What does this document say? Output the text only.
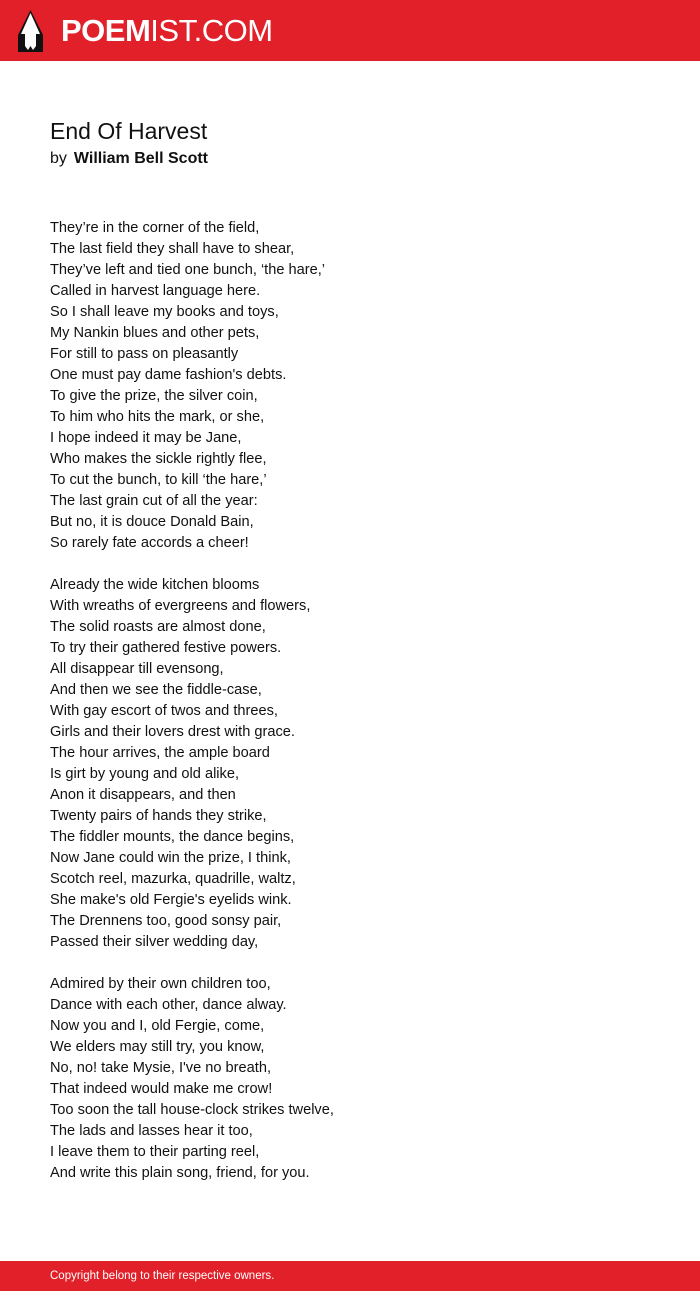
POEMIST.COM
End Of Harvest
by William Bell Scott
They’re in the corner of the field,
The last field they shall have to shear,
They’ve left and tied one bunch, ‘the hare,’
Called in harvest language here.
So I shall leave my books and toys,
My Nankin blues and other pets,
For still to pass on pleasantly
One must pay dame fashion's debts.
To give the prize, the silver coin,
To him who hits the mark, or she,
I hope indeed it may be Jane,
Who makes the sickle rightly flee,
To cut the bunch, to kill ‘the hare,’
The last grain cut of all the year:
But no, it is douce Donald Bain,
So rarely fate accords a cheer!
Already the wide kitchen blooms
With wreaths of evergreens and flowers,
The solid roasts are almost done,
To try their gathered festive powers.
All disappear till evensong,
And then we see the fiddle-case,
With gay escort of twos and threes,
Girls and their lovers drest with grace.
The hour arrives, the ample board
Is girt by young and old alike,
Anon it disappears, and then
Twenty pairs of hands they strike,
The fiddler mounts, the dance begins,
Now Jane could win the prize, I think,
Scotch reel, mazurka, quadrille, waltz,
She make's old Fergie's eyelids wink.
The Drennens too, good sonsy pair,
Passed their silver wedding day,
Admired by their own children too,
Dance with each other, dance alway.
Now you and I, old Fergie, come,
We elders may still try, you know,
No, no! take Mysie, I've no breath,
That indeed would make me crow!
Too soon the tall house-clock strikes twelve,
The lads and lasses hear it too,
I leave them to their parting reel,
And write this plain song, friend, for you.
Copyright belong to their respective owners.
